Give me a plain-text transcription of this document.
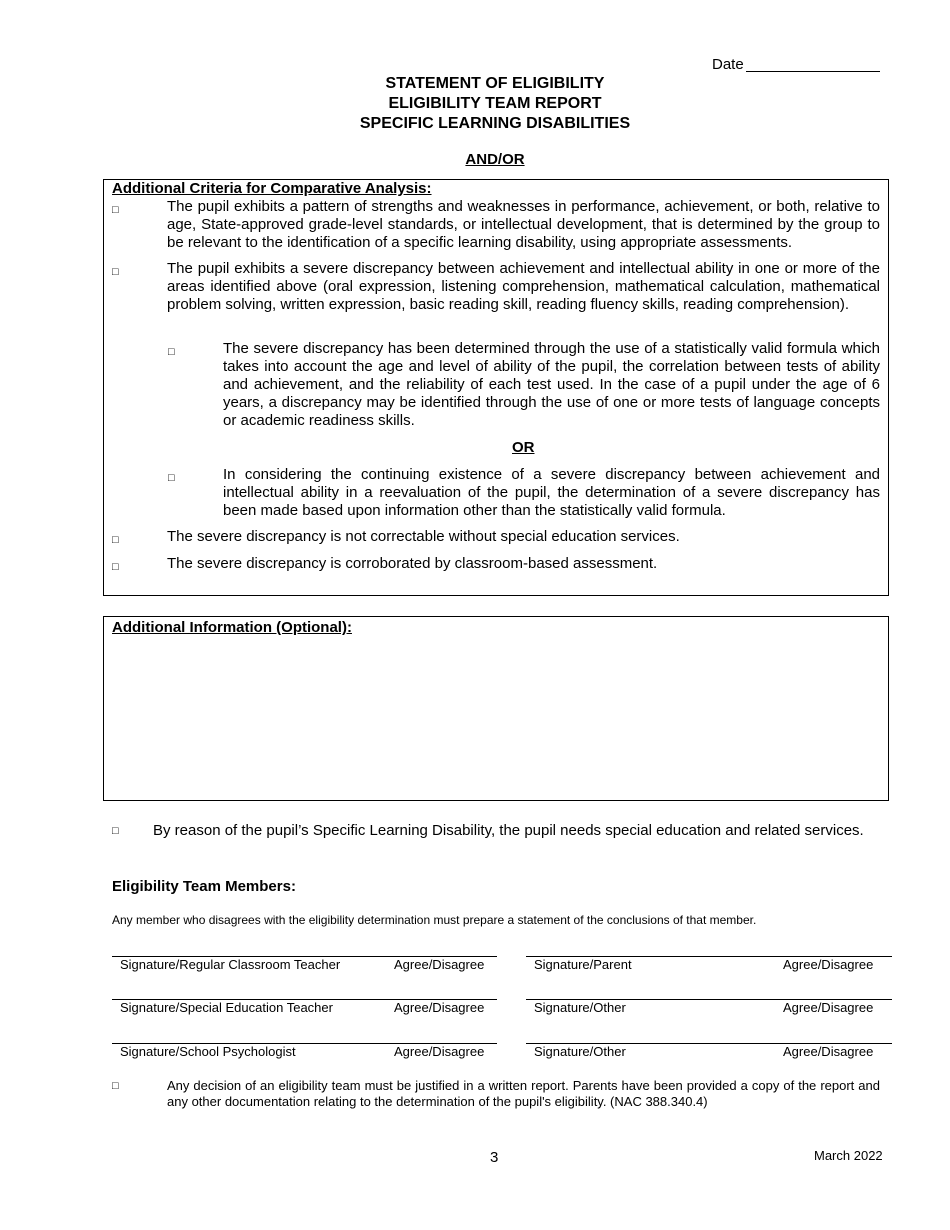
Date
STATEMENT OF ELIGIBILITY
ELIGIBILITY TEAM REPORT
SPECIFIC LEARNING DISABILITIES
AND/OR
Additional Criteria for Comparative Analysis:
□	The pupil exhibits a pattern of strengths and weaknesses in performance, achievement, or both, relative to age, State-approved grade-level standards, or intellectual development, that is determined by the group to be relevant to the identification of a specific learning disability, using appropriate assessments.
□	The pupil exhibits a severe discrepancy between achievement and intellectual ability in one or more of the areas identified above (oral expression, listening comprehension, mathematical calculation, mathematical problem solving, written expression, basic reading skill, reading fluency skills, reading comprehension).
□	The severe discrepancy has been determined through the use of a statistically valid formula which takes into account the age and level of ability of the pupil, the correlation between tests of ability and achievement, and the reliability of each test used. In the case of a pupil under the age of 6 years, a discrepancy may be identified through the use of one or more tests of language concepts or academic readiness skills.
OR
□	In considering the continuing existence of a severe discrepancy between achievement and intellectual ability in a reevaluation of the pupil, the determination of a severe discrepancy has been made based upon information other than the statistically valid formula.
□	The severe discrepancy is not correctable without special education services.
□	The severe discrepancy is corroborated by classroom-based assessment.
Additional Information (Optional):
□	By reason of the pupil’s Specific Learning Disability, the pupil needs special education and related services.
Eligibility Team Members:
Any member who disagrees with the eligibility determination must prepare a statement of the conclusions of that member.
Signature/Regular Classroom Teacher	Agree/Disagree	Signature/Parent	Agree/Disagree
Signature/Special Education Teacher	Agree/Disagree	Signature/Other	Agree/Disagree
Signature/School Psychologist	Agree/Disagree	Signature/Other	Agree/Disagree
□	Any decision of an eligibility team must be justified in a written report. Parents have been provided a copy of the report and any other documentation relating to the determination of the pupil's eligibility. (NAC 388.340.4)
3	March 2022
